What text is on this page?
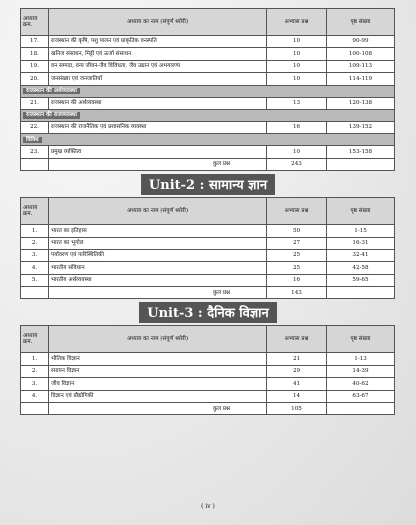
अध्याय क्रम.	अध्याय का नाम (संपूर्ण थ्योरी)	अभ्यास प्रश्न	पृष्ठ संख्या
17.	राजस्थान की कृषि, पशु पालन एवं प्राकृतिक वनस्पति	10	90-99
18.	खनिज संसाधन, मिट्टी एवं ऊर्जा संसाधन	10	100-108
19.	वन सम्पदा, वन्य जीवन-जैव विविधता, जैव उद्यान एवं अभयारण्य	10	109-113
20.	जनसंख्या एवं जनजातियाँ	10	114-119
राजस्थान की अर्थव्यवस्था			
21.	राजस्थान की अर्थव्यवस्था	13	120-138
राजस्थान की राजव्यवस्था			
22.	राजस्थान की राजनैतिक एवं प्रशासनिक व्यवस्था	16	139-152
विविध			
23.	प्रमुख व्यक्तित्व	10	153-158
	कुल प्रश्न	243	
Unit-2 : सामान्य ज्ञान
अध्याय क्रम.	अध्याय का नाम (संपूर्ण थ्योरी)	अभ्यास प्रश्न	पृष्ठ संख्या
1.	भारत का इतिहास	50	1-15
2.	भारत का भूगोल	27	16-31
3.	पर्यावरण एवं पारिस्थितिकी	25	32-41
4.	भारतीय संविधान	25	42-58
5.	भारतीय अर्थव्यवस्था	16	59-65
	कुल प्रश्न	143	
Unit-3 : दैनिक विज्ञान
अध्याय क्रम.	अध्याय का नाम (संपूर्ण थ्योरी)	अभ्यास प्रश्न	पृष्ठ संख्या
1.	भौतिक विज्ञान	21	1-13
2.	रसायन विज्ञान	29	14-39
3.	जीव विज्ञान	41	40-62
4.	विज्ञान एवं प्रौद्योगिकी	14	63-67
	कुल प्रश्न	105	
( iv )
